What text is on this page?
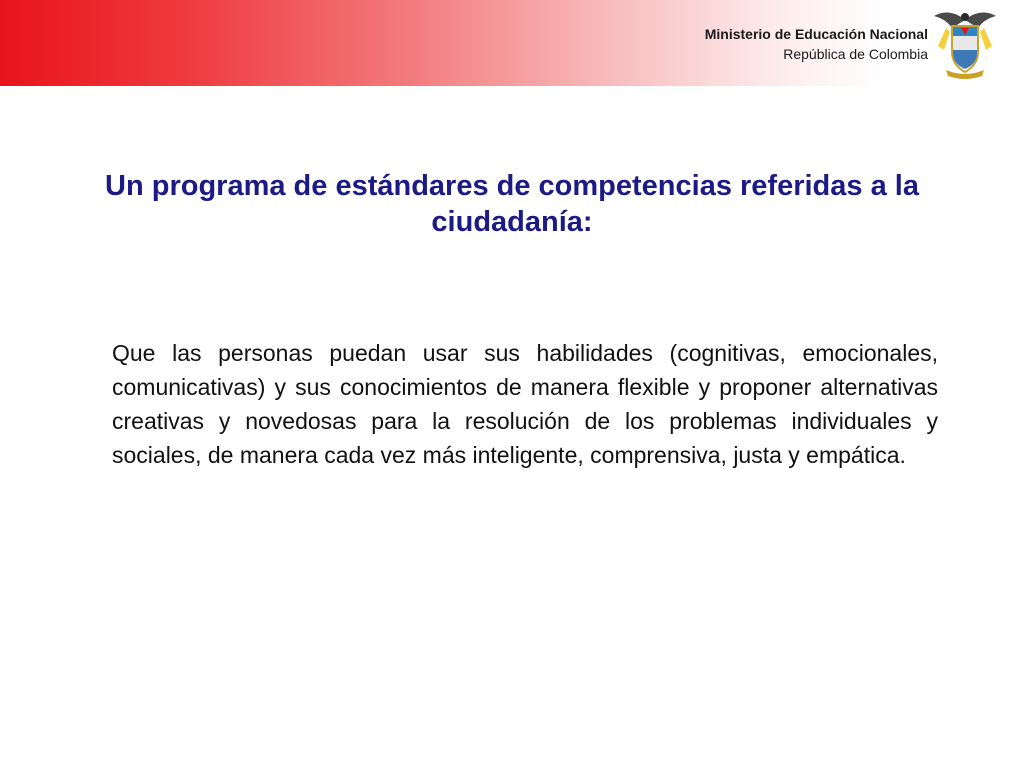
Ministerio de Educación Nacional
República de Colombia
Un programa de estándares de competencias referidas a la ciudadanía:

Que las personas puedan usar sus habilidades (cognitivas, emocionales, comunicativas) y sus conocimientos de manera flexible y proponer alternativas creativas y novedosas para la resolución de los problemas individuales y sociales, de manera cada vez más inteligente, comprensiva, justa y empática.
